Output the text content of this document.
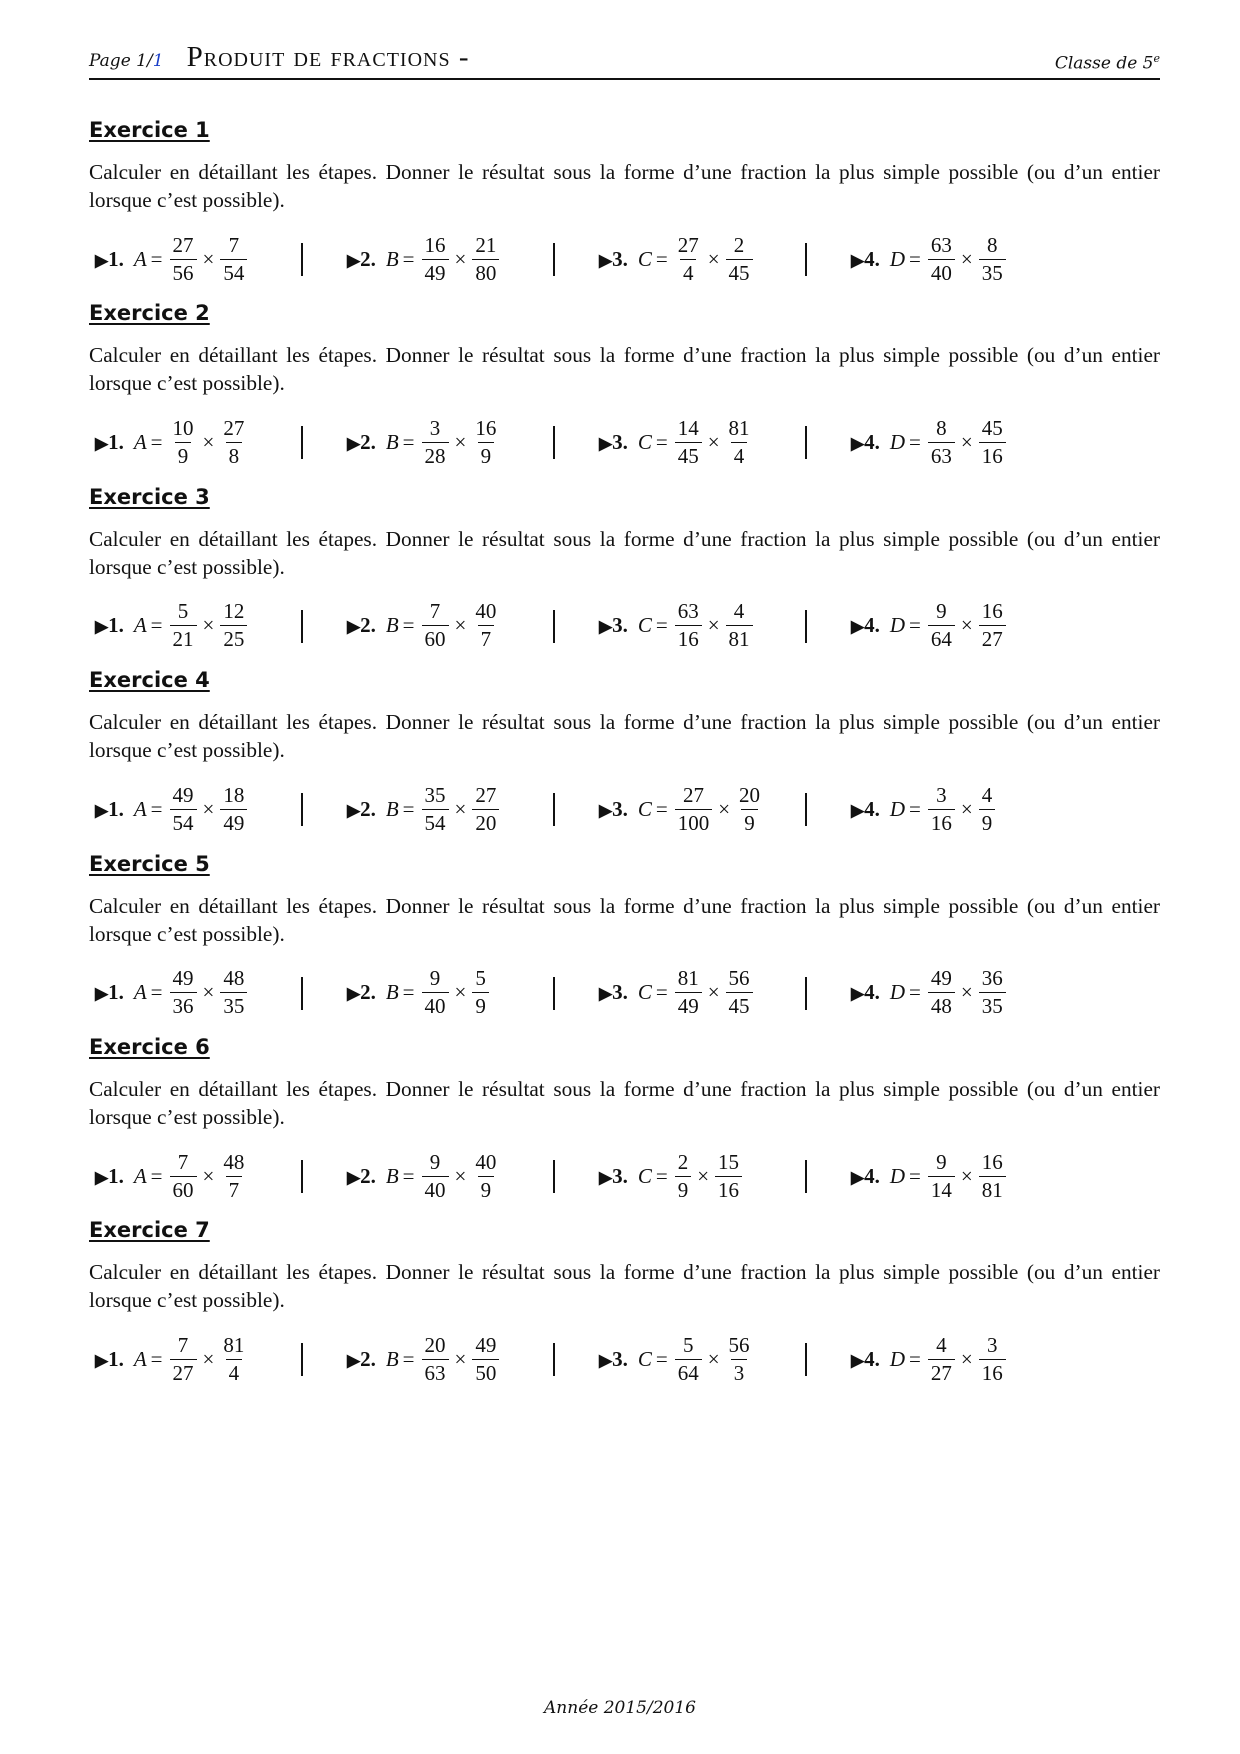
Page 1/1 Produit de fractions -	Classe de 5e
Exercice 1
Calculer en détaillant les étapes. Donner le résultat sous la forme d’une fraction la plus simple possible (ou d’un entier lorsque c’est possible).
▶1. $A = \frac{27}{56} \times \frac{7}{54}$	▶2. $B = \frac{16}{49} \times \frac{21}{80}$	▶3. $C = \frac{27}{4} \times \frac{2}{45}$	▶4. $D = \frac{63}{40} \times \frac{8}{35}$
Exercice 2
Calculer en détaillant les étapes. Donner le résultat sous la forme d’une fraction la plus simple possible (ou d’un entier lorsque c’est possible).
▶1. $A = \frac{10}{9} \times \frac{27}{8}$	▶2. $B = \frac{3}{28} \times \frac{16}{9}$	▶3. $C = \frac{14}{45} \times \frac{81}{4}$	▶4. $D = \frac{8}{63} \times \frac{45}{16}$
Exercice 3
Calculer en détaillant les étapes. Donner le résultat sous la forme d’une fraction la plus simple possible (ou d’un entier lorsque c’est possible).
▶1. $A = \frac{5}{21} \times \frac{12}{25}$	▶2. $B = \frac{7}{60} \times \frac{40}{7}$	▶3. $C = \frac{63}{16} \times \frac{4}{81}$	▶4. $D = \frac{9}{64} \times \frac{16}{27}$
Exercice 4
Calculer en détaillant les étapes. Donner le résultat sous la forme d’une fraction la plus simple possible (ou d’un entier lorsque c’est possible).
▶1. $A = \frac{49}{54} \times \frac{18}{49}$	▶2. $B = \frac{35}{54} \times \frac{27}{20}$	▶3. $C = \frac{27}{100} \times \frac{20}{9}$	▶4. $D = \frac{3}{16} \times \frac{4}{9}$
Exercice 5
Calculer en détaillant les étapes. Donner le résultat sous la forme d’une fraction la plus simple possible (ou d’un entier lorsque c’est possible).
▶1. $A = \frac{49}{36} \times \frac{48}{35}$	▶2. $B = \frac{9}{40} \times \frac{5}{9}$	▶3. $C = \frac{81}{49} \times \frac{56}{45}$	▶4. $D = \frac{49}{48} \times \frac{36}{35}$
Exercice 6
Calculer en détaillant les étapes. Donner le résultat sous la forme d’une fraction la plus simple possible (ou d’un entier lorsque c’est possible).
▶1. $A = \frac{7}{60} \times \frac{48}{7}$	▶2. $B = \frac{9}{40} \times \frac{40}{9}$	▶3. $C = \frac{2}{9} \times \frac{15}{16}$	▶4. $D = \frac{9}{14} \times \frac{16}{81}$
Exercice 7
Calculer en détaillant les étapes. Donner le résultat sous la forme d’une fraction la plus simple possible (ou d’un entier lorsque c’est possible).
▶1. $A = \frac{7}{27} \times \frac{81}{4}$	▶2. $B = \frac{20}{63} \times \frac{49}{50}$	▶3. $C = \frac{5}{64} \times \frac{56}{3}$	▶4. $D = \frac{4}{27} \times \frac{3}{16}$
Année 2015/2016
